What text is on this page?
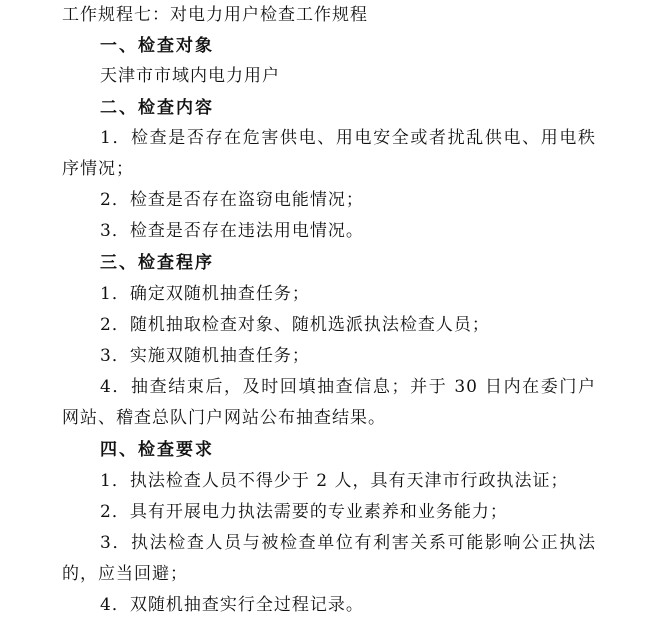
工作规程七：对电力用户检查工作规程
一、检查对象
天津市市域内电力用户
二、检查内容
1．检查是否存在危害供电、用电安全或者扰乱供电、用电秩
序情况；
2．检查是否存在盗窃电能情况；
3．检查是否存在违法用电情况。
三、检查程序
1．确定双随机抽查任务；
2．随机抽取检查对象、随机选派执法检查人员；
3．实施双随机抽查任务；
4．抽查结束后，及时回填抽查信息；并于 30 日内在委门户
网站、稽查总队门户网站公布抽查结果。
四、检查要求
1．执法检查人员不得少于 2 人，具有天津市行政执法证；
2．具有开展电力执法需要的专业素养和业务能力；
3．执法检查人员与被检查单位有利害关系可能影响公正执法
的，应当回避；
4．双随机抽查实行全过程记录。
